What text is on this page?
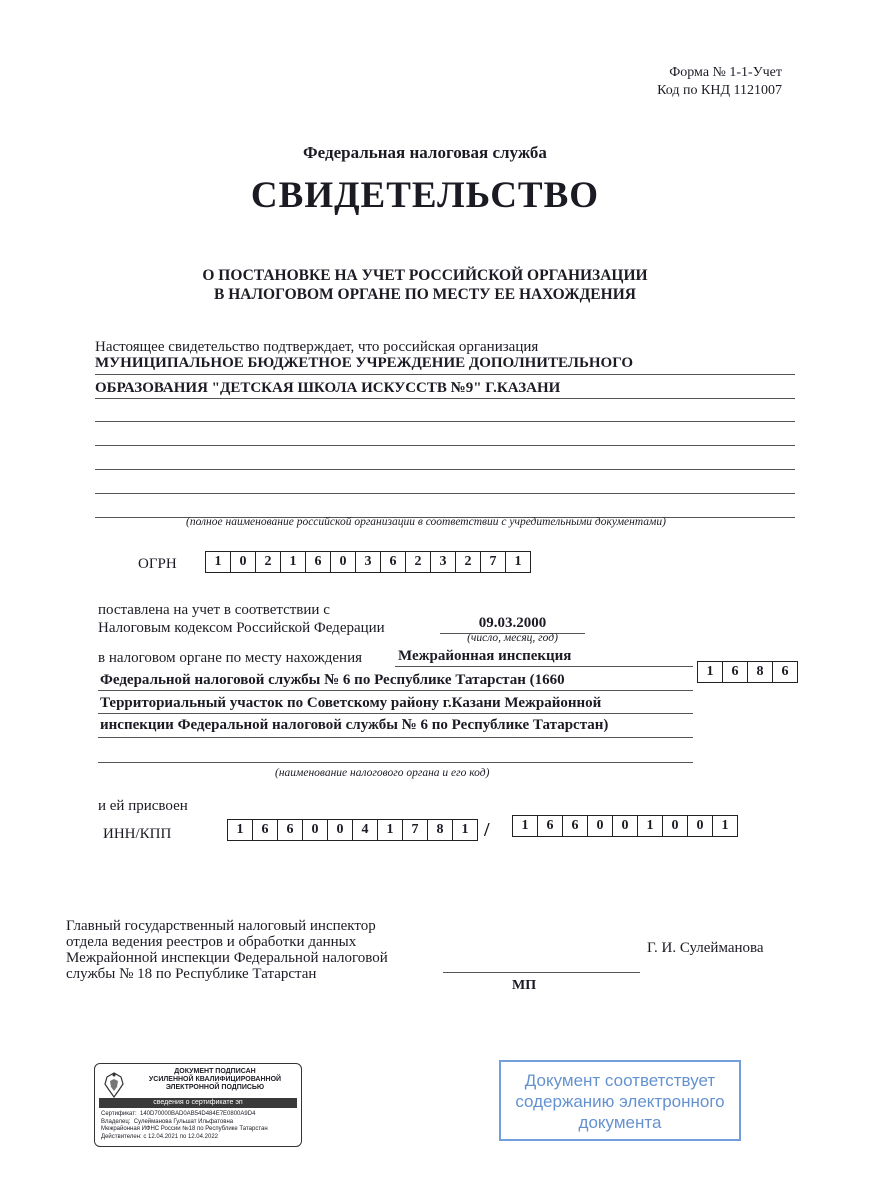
Форма № 1-1-Учет
Код по КНД 1121007
Федеральная налоговая служба
СВИДЕТЕЛЬСТВО
О ПОСТАНОВКЕ НА УЧЕТ РОССИЙСКОЙ ОРГАНИЗАЦИИ
В НАЛОГОВОМ ОРГАНЕ ПО МЕСТУ ЕЕ НАХОЖДЕНИЯ
Настоящее свидетельство подтверждает, что российская организация
МУНИЦИПАЛЬНОЕ БЮДЖЕТНОЕ УЧРЕЖДЕНИЕ ДОПОЛНИТЕЛЬНОГО
ОБРАЗОВАНИЯ "ДЕТСКАЯ ШКОЛА ИСКУССТВ №9" Г.КАЗАНИ
(полное наименование российской организации в соответствии с учредительными документами)
ОГРН	1	0	2	1	6	0	3	6	2	3	2	7	1
поставлена на учет в соответствии с
Налоговым кодексом Российской Федерации	09.03.2000
(число, месяц, год)
в налоговом органе по месту нахождения Межрайонная инспекция
Федеральной налоговой службы № 6 по Республике Татарстан (1660
Территориальный участок по Советскому району г.Казани Межрайонной
инспекции Федеральной налоговой службы № 6 по Республике Татарстан)
(наименование налогового органа и его код)
1	6	8	6
и ей присвоен
ИНН/КПП	1	6	6	0	0	4	1	7	8	1 /	1	6	6	0	0	1	0	0	1
Главный государственный налоговый инспектор
отдела ведения реестров и обработки данных
Межрайонной инспекции Федеральной налоговой
службы № 18 по Республике Татарстан
МП
Г. И. Сулейманова
ДОКУМЕНТ ПОДПИСАН
УСИЛЕННОЙ КВАЛИФИЦИРОВАННОЙ
ЭЛЕКТРОННОЙ ПОДПИСЬЮ
сведения о сертификате эп
Сертификат: 140D70000BAD0AB54D484E7E0800A9D4
Владелец: Сулейманова Гульшат Ильфатовна
Межрайонная ИФНС России №18 по Республике Татарстан
Действителен: с 12.04.2021 по 12.04.2022
Документ соответствует
содержанию электронного
документа
